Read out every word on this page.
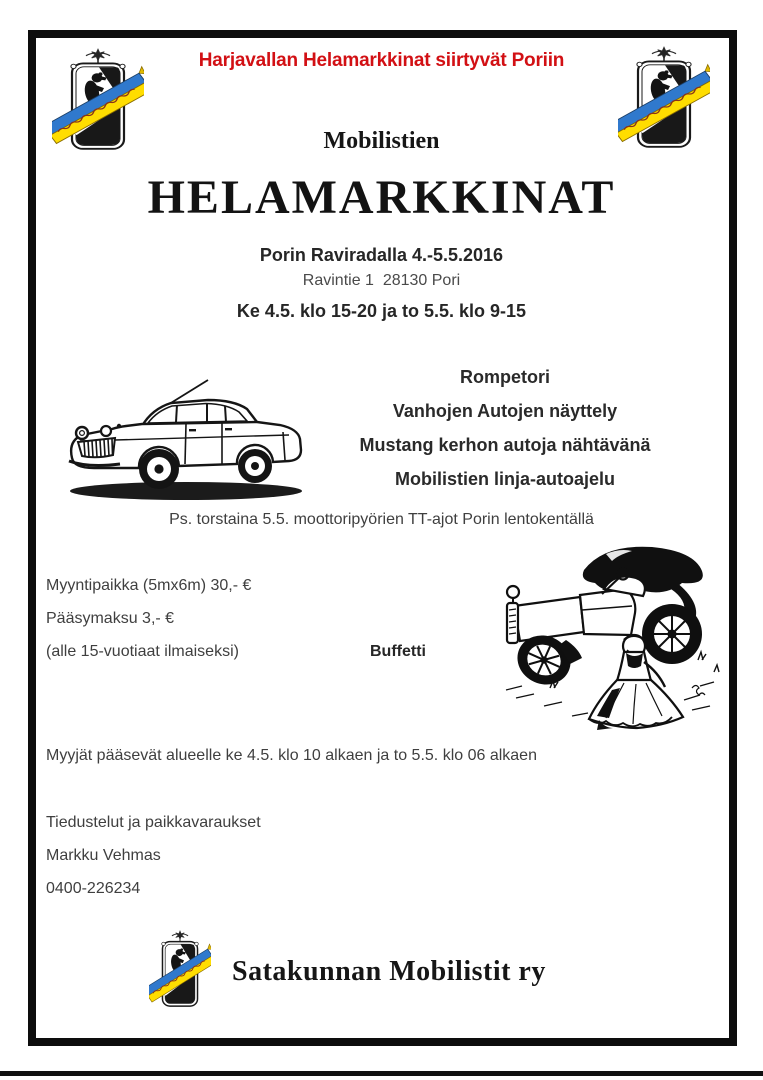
Harjavallan Helamarkkinat siirtyvät Poriin
Mobilistien
HELAMARKKINAT
Porin Raviradalla 4.-5.5.2016
Ravintie 1  28130 Pori
Ke 4.5. klo 15-20 ja to 5.5. klo 9-15
Rompetori
Vanhojen Autojen näyttely
Mustang kerhon autoja nähtävänä
Mobilistien linja-autoajelu
Ps. torstaina 5.5. moottoripyörien TT-ajot Porin lentokentällä
Myyntipaikka (5mx6m) 30,- €
Pääsymaksu 3,- €
(alle 15-vuotiaat ilmaiseksi)	Buffetti
Myyjät pääsevät alueelle ke 4.5. klo 10 alkaen ja to 5.5. klo 06 alkaen
Tiedustelut ja paikkavaraukset
Markku Vehmas
0400-226234
Satakunnan Mobilistit ry
